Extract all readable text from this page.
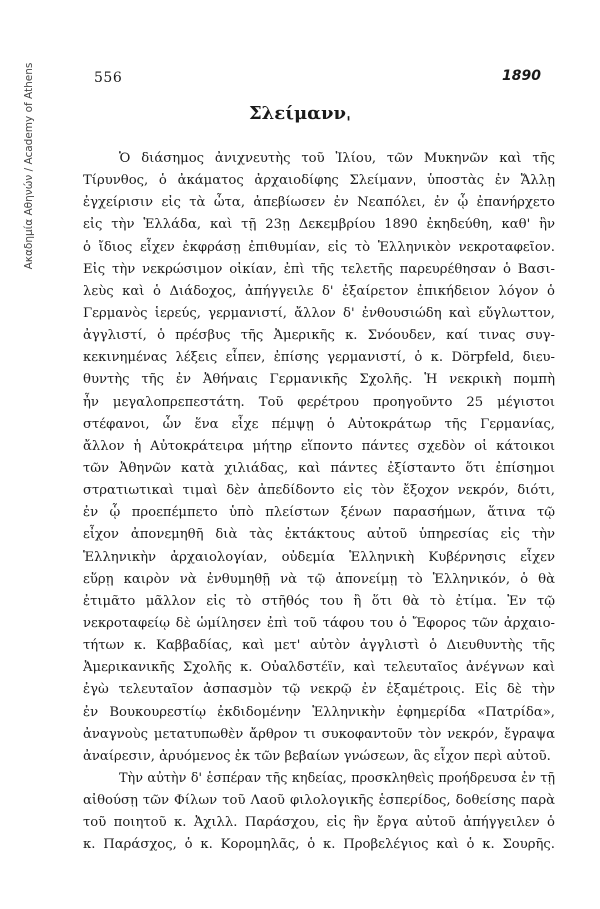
Ακαδημία Αθηνών / Academy of Athens	556	1890
Σλείμαννˌ
Ὁ διάσημος ἀνιχνευτὴς τοῦ Ἰλίου, τῶν Μυκηνῶν καὶ τῆς
Τίρυνθος, ὁ ἀκάματος ἀρχαιοδίφης Σλείμαννˌ ὑποστὰς ἐν Ἄλλῃ
ἐγχείρισιν εἰς τὰ ὦτα, ἀπεβίωσεν ἐν Νεαπόλει, ἐν ᾧ ἐπανήρχετο
εἰς τὴν Ἑλλάδα, καὶ τῇ 23ῃ Δεκεμβρίου 1890 ἐκηδεύθη, καθ' ἣν
ὁ ἴδιος εἶχεν ἐκφράσῃ ἐπιθυμίαν, εἰς τὸ Ἑλληνικὸν νεκροταφεῖον.
Εἰς τὴν νεκρώσιμον οἰκίαν, ἐπὶ τῆς τελετῆς παρευρέθησαν ὁ Βασι-
λεὺς καὶ ὁ Διάδοχος, ἀπήγγειλε δ' ἐξαίρετον ἐπικήδειον λόγον ὁ
Γερμανὸς ἱερεύς, γερμανιστί, ἄλλον δ' ἐνθουσιώδη καὶ εὔγλωττον,
ἀγγλιστί, ὁ πρέσβυς τῆς Ἀμερικῆς κ. Σνόουδεν, καί τινας συγ-
κεκινημένας λέξεις εἶπεν, ἐπίσης γερμανιστί, ὁ κ. Dörpfeld, διευ-
θυντὴς τῆς ἐν Ἀθήναις Γερμανικῆς Σχολῆς. Ἡ νεκρικὴ πομπὴ
ἦν μεγαλοπρεπεστάτη. Τοῦ φερέτρου προηγοῦντο 25 μέγιστοι
στέφανοι, ὧν ἕνα εἶχε πέμψῃ ὁ Αὐτοκράτωρ τῆς Γερμανίας,
ἄλλον ἡ Αὐτοκράτειρα μήτηρ εἵποντο πάντες σχεδὸν οἱ κάτοικοι
τῶν Ἀθηνῶν κατὰ χιλιάδας, καὶ πάντες ἐξίσταντο ὅτι ἐπίσημοι
στρατιωτικαὶ τιμαὶ δὲν ἀπεδίδοντο εἰς τὸν ἔξοχον νεκρόν, διότι,
ἐν ᾧ προεπέμπετο ὑπὸ πλείστων ξένων παρασήμων, ἅτινα τῷ
εἶχον ἀπονεμηθῆ διὰ τὰς ἐκτάκτους αὐτοῦ ὑπηρεσίας εἰς τὴν
Ἑλληνικὴν ἀρχαιολογίαν, οὐδεμία Ἑλληνικὴ Κυβέρνησις εἶχεν
εὕρῃ καιρὸν νὰ ἐνθυμηθῇ νὰ τῷ ἀπονείμῃ τὸ Ἑλληνικόν, ὁ θὰ
ἐτιμᾶτο μᾶλλον εἰς τὸ στῆθός του ἢ ὅτι θὰ τὸ ἐτίμα. Ἐν τῷ
νεκροταφείῳ δὲ ὡμίλησεν ἐπὶ τοῦ τάφου του ὁ Ἔφορος τῶν ἀρχαιο-
τήτων κ. Καββαδίας, καὶ μετ' αὐτὸν ἀγγλιστὶ ὁ Διευθυντὴς τῆς
Ἀμερικανικῆς Σχολῆς κ. Οὐαλδστέϊν, καὶ τελευταῖος ἀνέγνων καὶ
ἐγὼ τελευταῖον ἀσπασμὸν τῷ νεκρῷ ἐν ἑξαμέτροις. Εἰς δὲ τὴν
ἐν Βουκουρεστίῳ ἐκδιδομένην Ἑλληνικὴν ἐφημερίδα «Πατρίδα»,
ἀναγνοὺς μετατυπωθὲν ἄρθρον τι συκοφαντοῦν τὸν νεκρόν, ἔγραψα
ἀναίρεσιν, ἀρυόμενος ἐκ τῶν βεβαίων γνώσεων, ἃς εἶχον περὶ αὐτοῦ.
Τὴν αὐτὴν δ' ἑσπέραν τῆς κηδείας, προσκληθεὶς προήδρευσα ἐν τῇ
αἰθούσῃ τῶν Φίλων τοῦ Λαοῦ φιλολογικῆς ἑσπερίδος, δοθείσης παρὰ
τοῦ ποιητοῦ κ. Ἀχιλλ. Παράσχου, εἰς ἣν ἔργα αὐτοῦ ἀπήγγειλεν ὁ
κ. Παράσχος, ὁ κ. Κορομηλᾶς, ὁ κ. Προβελέγιος καὶ ὁ κ. Σουρῆς.
